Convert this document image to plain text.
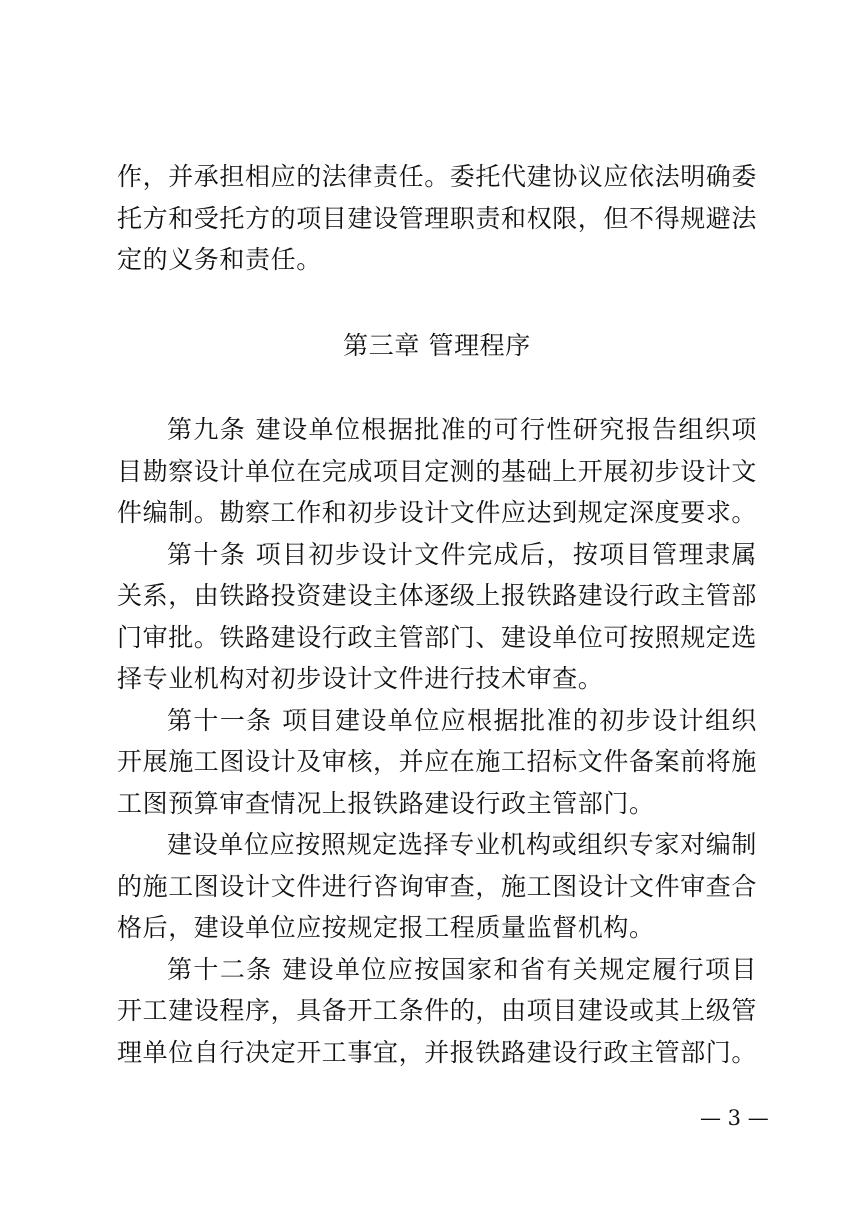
作，并承担相应的法律责任。委托代建协议应依法明确委托方和受托方的项目建设管理职责和权限，但不得规避法定的义务和责任。

第三章 管理程序

第九条 建设单位根据批准的可行性研究报告组织项目勘察设计单位在完成项目定测的基础上开展初步设计文件编制。勘察工作和初步设计文件应达到规定深度要求。

第十条 项目初步设计文件完成后，按项目管理隶属关系，由铁路投资建设主体逐级上报铁路建设行政主管部门审批。铁路建设行政主管部门、建设单位可按照规定选择专业机构对初步设计文件进行技术审查。

第十一条 项目建设单位应根据批准的初步设计组织开展施工图设计及审核，并应在施工招标文件备案前将施工图预算审查情况上报铁路建设行政主管部门。

建设单位应按照规定选择专业机构或组织专家对编制的施工图设计文件进行咨询审查，施工图设计文件审查合格后，建设单位应按规定报工程质量监督机构。

第十二条 建设单位应按国家和省有关规定履行项目开工建设程序，具备开工条件的，由项目建设或其上级管理单位自行决定开工事宜，并报铁路建设行政主管部门。

— 3 —
